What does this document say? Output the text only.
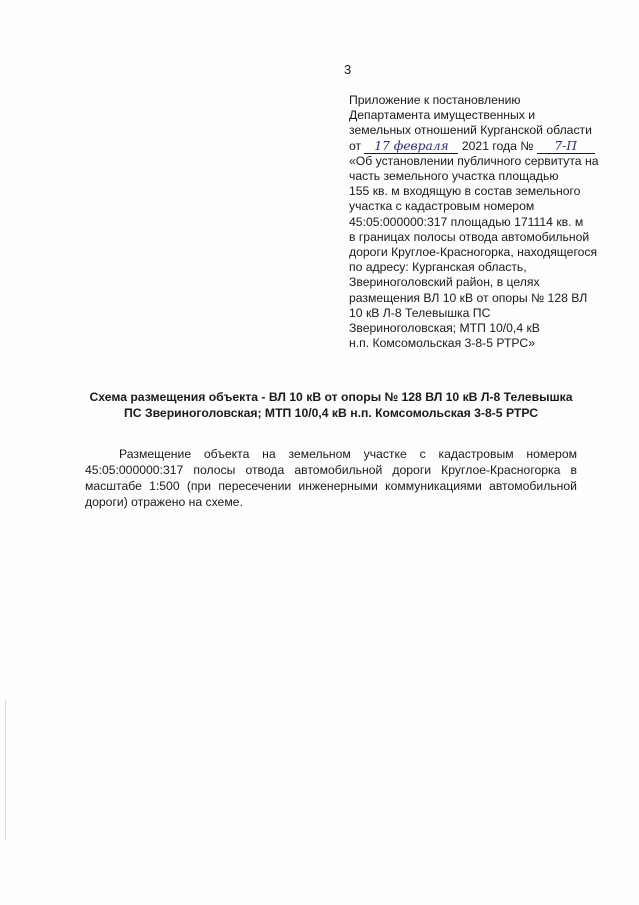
3
Приложение к постановлению
Департамента имущественных и
земельных отношений Курганской области
от 17 февраля 2021 года № 7-П
«Об установлении публичного сервитута на
часть земельного участка площадью
155 кв. м входящую в состав земельного
участка с кадастровым номером
45:05:000000:317 площадью 171114 кв. м
в границах полосы отвода автомобильной
дороги Круглое-Красногорка, находящегося
по адресу: Курганская область,
Звериноголовский район, в целях
размещения ВЛ 10 кВ от опоры № 128 ВЛ
10 кВ Л-8 Телевышка ПС
Звериноголовская; МТП 10/0,4 кВ
н.п. Комсомольская 3-8-5 РТРС»
Схема размещения объекта - ВЛ 10 кВ от опоры № 128 ВЛ 10 кВ Л-8 Телевышка
ПС Звериноголовская; МТП 10/0,4 кВ н.п. Комсомольская 3-8-5 РТРС
Размещение объекта на земельном участке с кадастровым номером 45:05:000000:317 полосы отвода автомобильной дороги Круглое-Красногорка в масштабе 1:500 (при пересечении инженерными коммуникациями автомобильной дороги) отражено на схеме.
